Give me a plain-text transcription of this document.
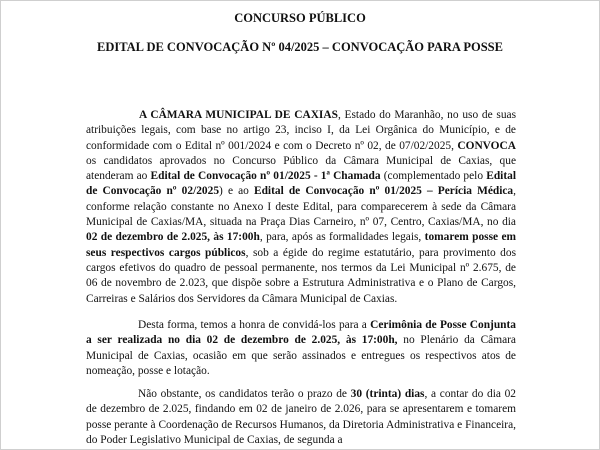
CONCURSO PÚBLICO

EDITAL DE CONVOCAÇÃO Nº 04/2025 – CONVOCAÇÃO PARA POSSE

A CÂMARA MUNICIPAL DE CAXIAS, Estado do Maranhão, no uso de suas atribuições legais, com base no artigo 23, inciso I, da Lei Orgânica do Município, e de conformidade com o Edital nº 001/2024 e com o Decreto nº 02, de 07/02/2025, CONVOCA os candidatos aprovados no Concurso Público da Câmara Municipal de Caxias, que atenderam ao Edital de Convocação nº 01/2025 - 1ª Chamada (complementado pelo Edital de Convocação nº 02/2025) e ao Edital de Convocação nº 01/2025 – Perícia Médica, conforme relação constante no Anexo I deste Edital, para comparecerem à sede da Câmara Municipal de Caxias/MA, situada na Praça Dias Carneiro, nº 07, Centro, Caxias/MA, no dia 02 de dezembro de 2.025, às 17:00h, para, após as formalidades legais, tomarem posse em seus respectivos cargos públicos, sob a égide do regime estatutário, para provimento dos cargos efetivos do quadro de pessoal permanente, nos termos da Lei Municipal nº 2.675, de 06 de novembro de 2.023, que dispõe sobre a Estrutura Administrativa e o Plano de Cargos, Carreiras e Salários dos Servidores da Câmara Municipal de Caxias.

Desta forma, temos a honra de convidá-los para a Cerimônia de Posse Conjunta a ser realizada no dia 02 de dezembro de 2.025, às 17:00h, no Plenário da Câmara Municipal de Caxias, ocasião em que serão assinados e entregues os respectivos atos de nomeação, posse e lotação.

Não obstante, os candidatos terão o prazo de 30 (trinta) dias, a contar do dia 02 de dezembro de 2.025, findando em 02 de janeiro de 2.026, para se apresentarem e tomarem posse perante à Coordenação de Recursos Humanos, da Diretoria Administrativa e Financeira, do Poder Legislativo Municipal de Caxias, de segunda a
